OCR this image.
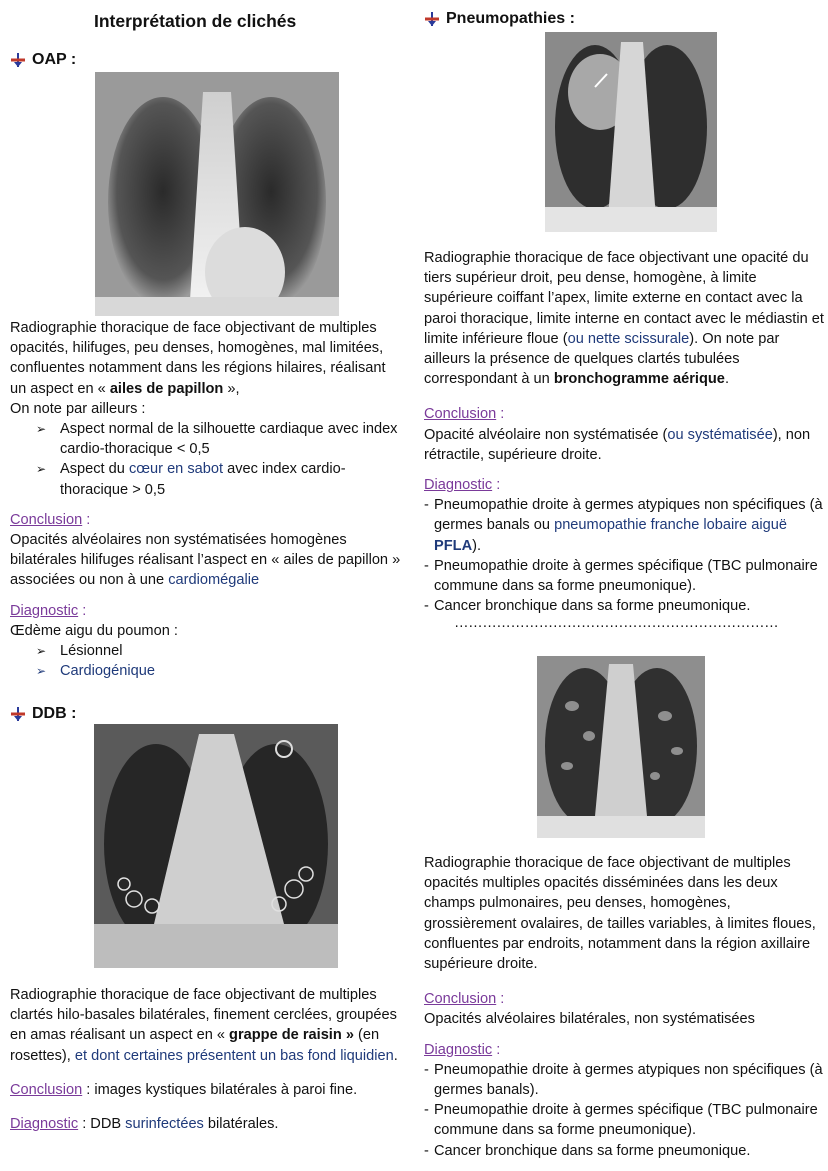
Interprétation de clichés
OAP :

Radiographie thoracique de face objectivant de multiples opacités, hilifuges, peu denses, homogènes, mal limitées, confluentes notamment dans les régions hilaires, réalisant un aspect en « ailes de papillon »,

On note par ailleurs :

➢ Aspect normal de la silhouette cardiaque avec index cardio-thoracique < 0,5
➢ Aspect du cœur en sabot avec index cardio-thoracique > 0,5

Conclusion :

Opacités alvéolaires non systématisées homogènes bilatérales hilifuges réalisant l’aspect en « ailes de papillon » associées ou non à une cardiomégalie

Diagnostic :

Œdème aigu du poumon :

➢ Lésionnel
➢ Cardiogénique
DDB :

Radiographie thoracique de face objectivant de multiples clartés hilo-basales bilatérales, finement cerclées, groupées en amas réalisant un aspect en « grappe de raisin » (en rosettes), et dont certaines présentent un bas fond liquidien.

Conclusion : images kystiques bilatérales à paroi fine.

Diagnostic : DDB surinfectées bilatérales.

Pneumopathies :

Radiographie thoracique de face objectivant une opacité du tiers supérieur droit, peu dense, homogène, à limite supérieure coiffant l’apex, limite externe en contact avec la paroi thoracique, limite interne en contact avec le médiastin et limite inférieure floue (ou nette scissurale). On note par ailleurs la présence de quelques clartés tubulées correspondant à un bronchogramme aérique.

Conclusion :

Opacité alvéolaire non systématisée (ou systématisée), non rétractile, supérieure droite.

Diagnostic :

- Pneumopathie droite à germes atypiques non spécifiques (à germes banals ou pneumopathie franche lobaire aiguë PFLA).
- Pneumopathie droite à germes spécifique (TBC pulmonaire commune dans sa forme pneumonique).
- Cancer bronchique dans sa forme pneumonique.

……………………………………………………………

Radiographie thoracique de face objectivant de multiples opacités multiples opacités disséminées dans les deux champs pulmonaires, peu denses, homogènes, grossièrement ovalaires, de tailles variables, à limites floues, confluentes par endroits, notamment dans la région axillaire supérieure droite.

Conclusion :

Opacités alvéolaires bilatérales, non systématisées

Diagnostic :

- Pneumopathie droite à germes atypiques non spécifiques (à germes banals).
- Pneumopathie droite à germes spécifique (TBC pulmonaire commune dans sa forme pneumonique).
- Cancer bronchique dans sa forme pneumonique.
